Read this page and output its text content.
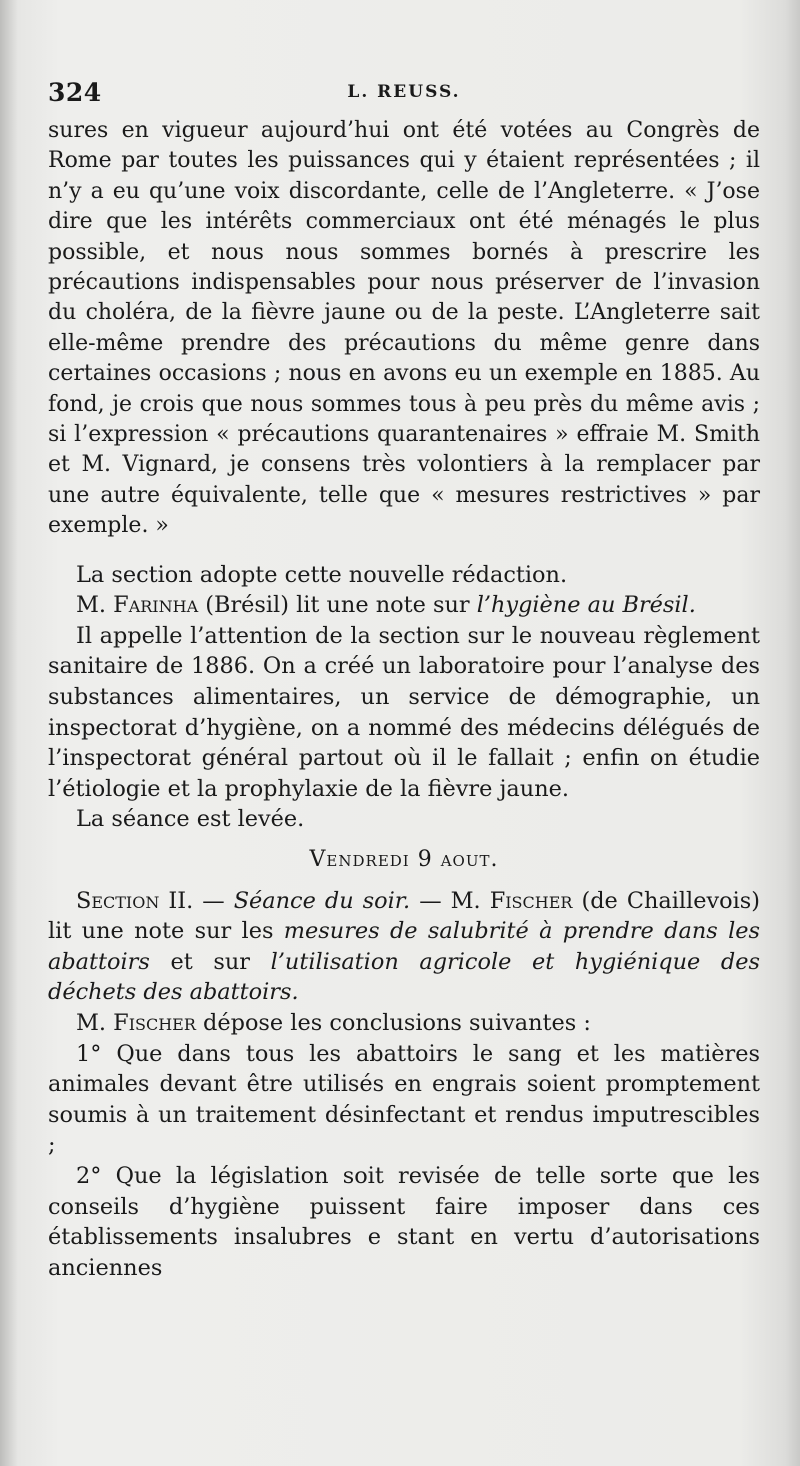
324	L. REUSS.

sures en vigueur aujourd’hui ont été votées au Congrès de Rome par toutes les puissances qui y étaient représentées ; il n’y a eu qu’une voix discordante, celle de l’Angleterre. « J’ose dire que les intérêts commerciaux ont été ménagés le plus possible, et nous nous sommes bornés à prescrire les précautions indispensables pour nous préserver de l’invasion du choléra, de la fièvre jaune ou de la peste. L’Angleterre sait elle-même prendre des précautions du même genre dans certaines occasions ; nous en avons eu un exemple en 1885. Au fond, je crois que nous sommes tous à peu près du même avis ; si l’expression « précautions quarantenaires » effraie M. Smith et M. Vignard, je consens très volontiers à la remplacer par une autre équivalente, telle que « mesures restrictives » par exemple. »

La section adopte cette nouvelle rédaction.

M. Farinha (Brésil) lit une note sur l’hygiène au Brésil.

Il appelle l’attention de la section sur le nouveau règlement sanitaire de 1886. On a créé un laboratoire pour l’analyse des substances alimentaires, un service de démographie, un inspectorat d’hygiène, on a nommé des médecins délégués de l’inspectorat général partout où il le fallait ; enfin on étudie l’étiologie et la prophylaxie de la fièvre jaune.

La séance est levée.

Vendredi 9 aout.

Section II. — Séance du soir. — M. Fischer (de Chaillevois) lit une note sur les mesures de salubrité à prendre dans les abattoirs et sur l’utilisation agricole et hygiénique des déchets des abattoirs.

M. Fischer dépose les conclusions suivantes :

1° Que dans tous les abattoirs le sang et les matières animales devant être utilisés en engrais soient promptement soumis à un traitement désinfectant et rendus imputrescibles ;

2° Que la législation soit revisée de telle sorte que les conseils d’hygiène puissent faire imposer dans ces établissements insalubres e stant en vertu d’autorisations anciennes
